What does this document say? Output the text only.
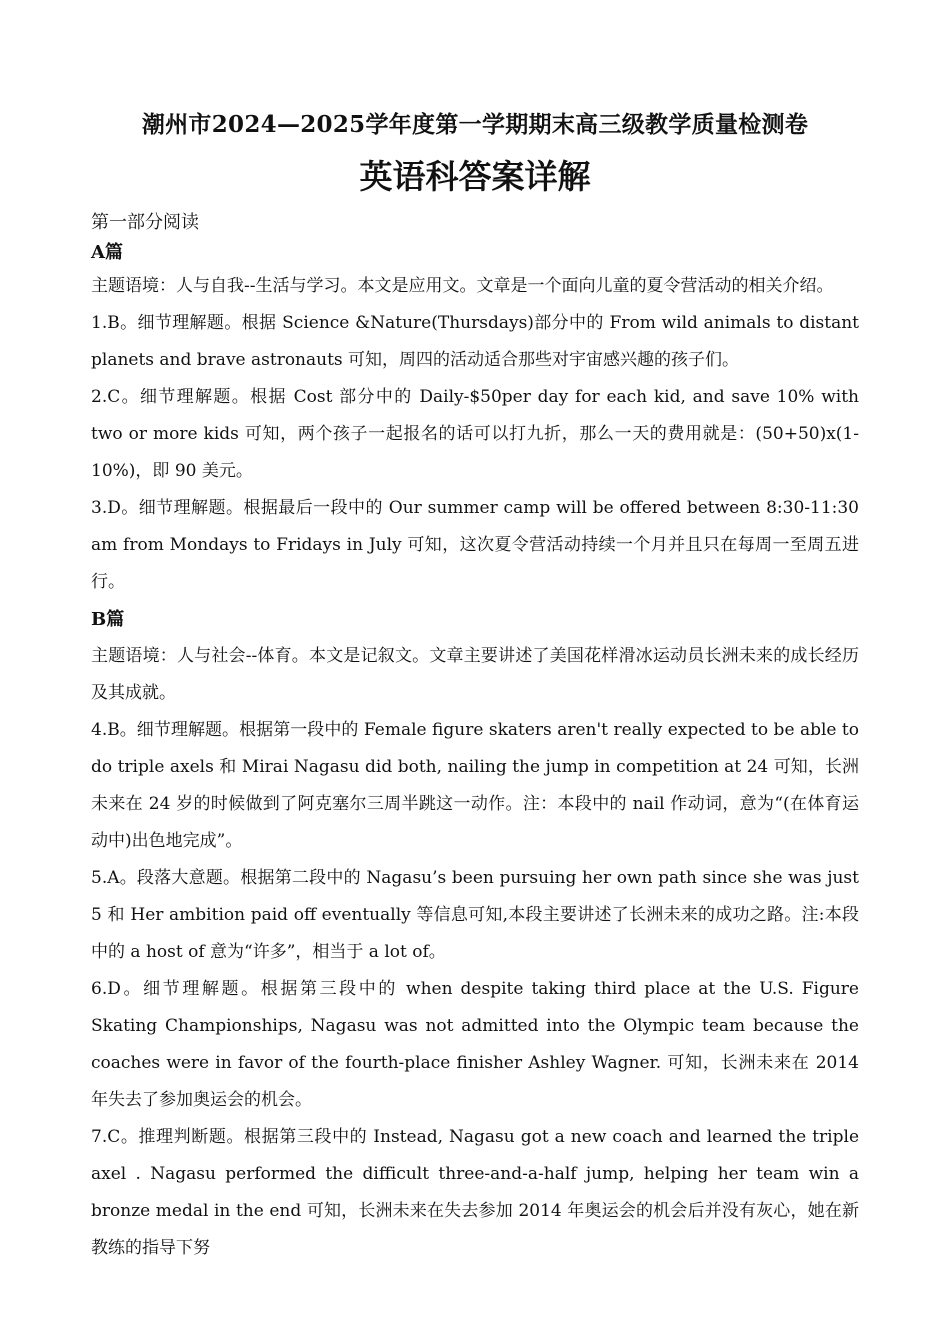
潮州市2024—2025学年度第一学期期末高三级教学质量检测卷
英语科答案详解

第一部分阅读

A篇

主题语境：人与自我--生活与学习。本文是应用文。文章是一个面向儿童的夏令营活动的相关介绍。

1.B。细节理解题。根据 Science &Nature(Thursdays)部分中的 From wild animals to distant planets and brave astronauts 可知，周四的活动适合那些对宇宙感兴趣的孩子们。

2.C。细节理解题。根据 Cost 部分中的 Daily-$50per day for each kid, and save 10% with two or more kids 可知，两个孩子一起报名的话可以打九折，那么一天的费用就是：(50+50)x(1-10%)，即 90 美元。

3.D。细节理解题。根据最后一段中的 Our summer camp will be offered between 8:30-11:30 am from Mondays to Fridays in July 可知，这次夏令营活动持续一个月并且只在每周一至周五进行。

B篇

主题语境：人与社会--体育。本文是记叙文。文章主要讲述了美国花样滑冰运动员长洲未来的成长经历及其成就。

4.B。细节理解题。根据第一段中的 Female figure skaters aren't really expected to be able to do triple axels 和 Mirai Nagasu did both, nailing the jump in competition at 24 可知，长洲未来在 24 岁的时候做到了阿克塞尔三周半跳这一动作。注：本段中的 nail 作动词，意为“(在体育运动中)出色地完成”。

5.A。段落大意题。根据第二段中的 Nagasu’s been pursuing her own path since she was just 5 和 Her ambition paid off eventually 等信息可知,本段主要讲述了长洲未来的成功之路。注:本段中的 a host of 意为“许多”，相当于 a lot of。

6.D。细节理解题。根据第三段中的 when despite taking third place at the U.S. Figure Skating Championships, Nagasu was not admitted into the Olympic team because the coaches were in favor of the fourth-place finisher Ashley Wagner. 可知，长洲未来在 2014 年失去了参加奥运会的机会。

7.C。推理判断题。根据第三段中的 Instead, Nagasu got a new coach and learned the triple axel . Nagasu performed the difficult three-and-a-half jump, helping her team win a bronze medal in the end 可知，长洲未来在失去参加 2014 年奥运会的机会后并没有灰心，她在新教练的指导下努
